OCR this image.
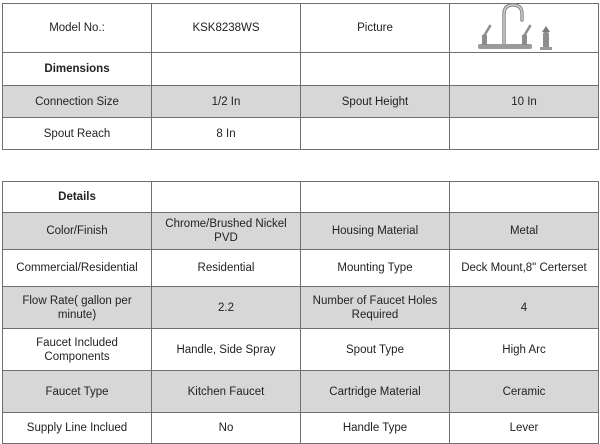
Model No.:	KSK8238WS	Picture	

Dimensions			
Connection Size	1/2 In	Spout Height	10 In
Spout Reach	8 In		
Details			
Color/Finish	Chrome/Brushed Nickel PVD	Housing Material	Metal
Commercial/Residential	Residential	Mounting Type	Deck Mount,8" Certerset
Flow Rate( gallon per minute)	2.2	Number of Faucet Holes Required	4
Faucet Included Components	Handle, Side Spray	Spout Type	High Arc
Faucet Type	Kitchen Faucet	Cartridge Material	Ceramic
Supply Line Inclued	No	Handle Type	Lever
